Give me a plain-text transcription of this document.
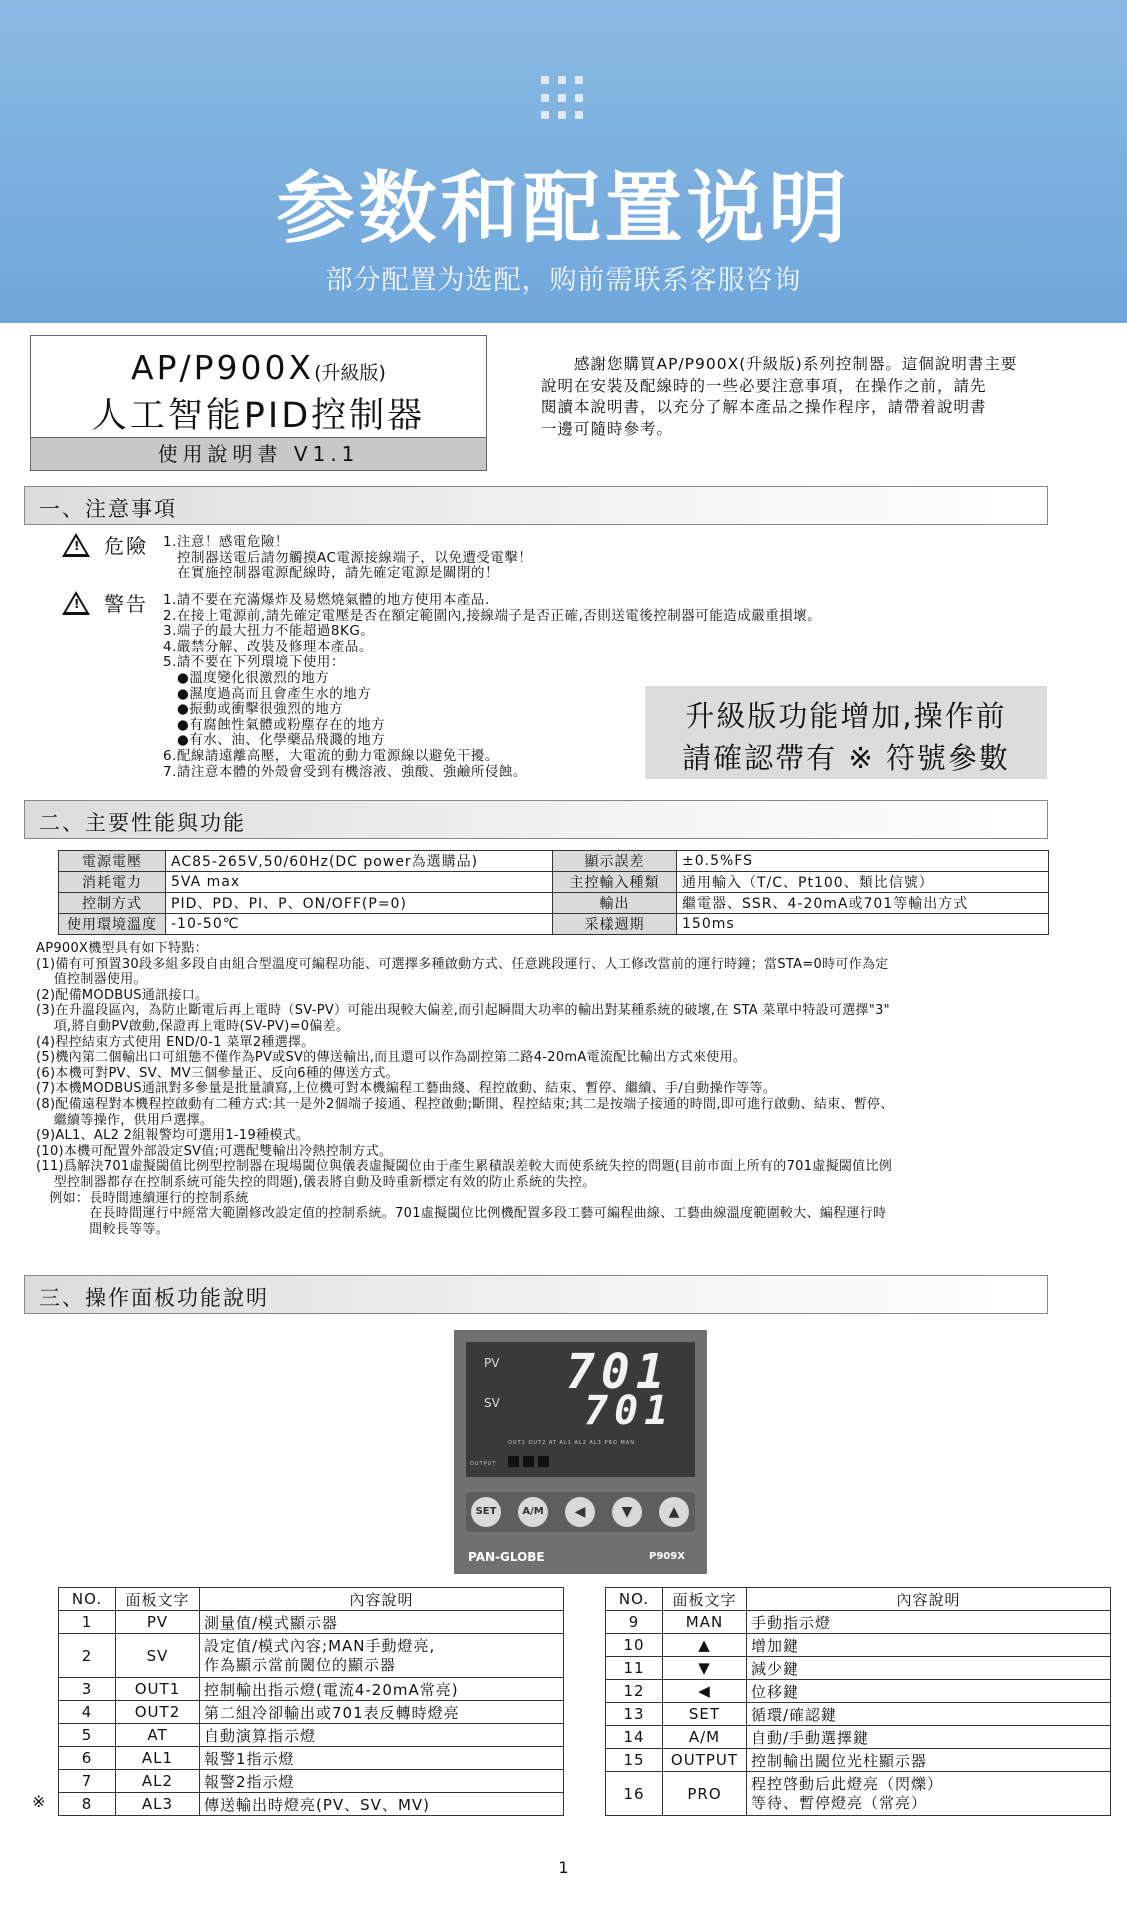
参数和配置说明
部分配置为选配，购前需联系客服咨询
AP/P900X(升級版)
人工智能PID控制器
使用說明書 V1.1
　　感謝您購買AP/P900X(升級版)系列控制器。這個說明書主要
說明在安裝及配線時的一些必要注意事項，在操作之前，請先
閱讀本說明書，以充分了解本產品之操作程序，請帶着說明書
一邊可隨時參考。
一、注意事項
! 危險 1.注意！感電危險！
　控制器送電后請勿觸摸AC電源接線端子，以免遭受電擊！
　在實施控制器電源配線時，請先確定電源是關閉的！
! 警告 1.請不要在充滿爆炸及易燃燒氣體的地方使用本產品.
2.在接上電源前,請先確定電壓是否在額定範圍內,接線端子是否正確,否則送電後控制器可能造成嚴重損壞。
3.端子的最大扭力不能超過8KG。
4.嚴禁分解、改裝及修理本產品。
5.請不要在下列環境下使用：
　●溫度變化很激烈的地方
　●濕度過高而且會產生水的地方
　●振動或衝擊很強烈的地方
　●有腐蝕性氣體或粉塵存在的地方
　●有水、油、化學藥品飛濺的地方
6.配線請遠離高壓，大電流的動力電源線以避免干擾。
7.請注意本體的外殼會受到有機溶液、強酸、強鹼所侵蝕。
升級版功能增加,操作前
請確認帶有 ※ 符號參數
二、主要性能與功能
電源電壓	AC85-265V,50/60Hz(DC power為選購品)	顯示誤差	±0.5%FS
消耗電力	5VA max	主控輸入種類	通用輸入（T/C、Pt100、類比信號）
控制方式	PID、PD、PI、P、ON/OFF(P=0)	輸出	繼電器、SSR、4-20mA或701等輸出方式
使用環境溫度	-10-50℃	采樣週期	150ms
AP900X機型具有如下特點：
(1)備有可預置30段多組多段自由組合型溫度可編程功能、可選擇多種啟動方式、任意跳段運行、人工修改當前的運行時鐘；當STA=0時可作為定
　 值控制器使用。
(2)配備MODBUS通訊接口。
(3)在升溫段區內，為防止斷電后再上電時（SV-PV）可能出現較大偏差,而引起瞬間大功率的輸出對某種系統的破壞,在 STA 菜單中特設可選擇"3"
　 項,將自動PV啟動,保證再上電時(SV-PV)=0偏差。
(4)程控結束方式使用 END/0-1 菜單2種選擇。
(5)機內第二個輸出口可組態不僅作為PV或SV的傳送輸出,而且還可以作為副控第二路4-20mA電流配比輸出方式來使用。
(6)本機可對PV、SV、MV三個參量正、反向6種的傳送方式。
(7)本機MODBUS通訊對多參量是批量讀寫,上位機可對本機編程工藝曲綫、程控啟動、結束、暫停、繼續、手/自動操作等等。
(8)配備遠程對本機程控啟動有二種方式:其一是外2個端子接通、程控啟動;斷開、程控結束;其二是按端子接通的時間,即可進行啟動、結束、暫停、
　 繼續等操作，供用戶選擇。
(9)AL1、AL2 2組報警均可選用1-19種模式。
(10)本機可配置外部設定SV值;可選配雙輸出冷熱控制方式。
(11)爲解決701虛擬閾值比例型控制器在現場閾位與儀表虛擬閾位由于產生累積誤差較大而使系統失控的問題(目前市面上所有的701虛擬閾值比例
　 型控制器都存在控制系統可能失控的問題),儀表將自動及時重新標定有效的防止系統的失控。
　例如：長時間連續運行的控制系統
　　　　在長時間運行中經常大範圍修改設定值的控制系統。701虛擬閾位比例機配置多段工藝可編程曲線、工藝曲線溫度範圍較大、編程運行時
　　　　間較長等等。
三、操作面板功能說明
PV
SV
701
701
OUT1 OUT2 AT AL1 AL2 AL3 PRO MAN
OUTPUT
SET	A/M	◀	▼	▲
PAN-GLOBE	P909X
NO.	面板文字	內容說明
1	PV	測量值/模式顯示器
2	SV	設定值/模式內容;MAN手動燈亮,
作為顯示當前閾位的顯示器
3	OUT1	控制輸出指示燈(電流4-20mA常亮)
4	OUT2	第二組冷卻輸出或701表反轉時燈亮
5	AT	自動演算指示燈
6	AL1	報警1指示燈
7	AL2	報警2指示燈
8	AL3	傳送輸出時燈亮(PV、SV、MV)
※
NO.	面板文字	內容說明
9	MAN	手動指示燈
10	▲	增加鍵
11	▼	減少鍵
12	◀	位移鍵
13	SET	循環/確認鍵
14	A/M	自動/手動選擇鍵
15	OUTPUT	控制輸出閾位光柱顯示器
16	PRO	程控啓動后此燈亮（閃爍）
等待、暫停燈亮（常亮）
1
